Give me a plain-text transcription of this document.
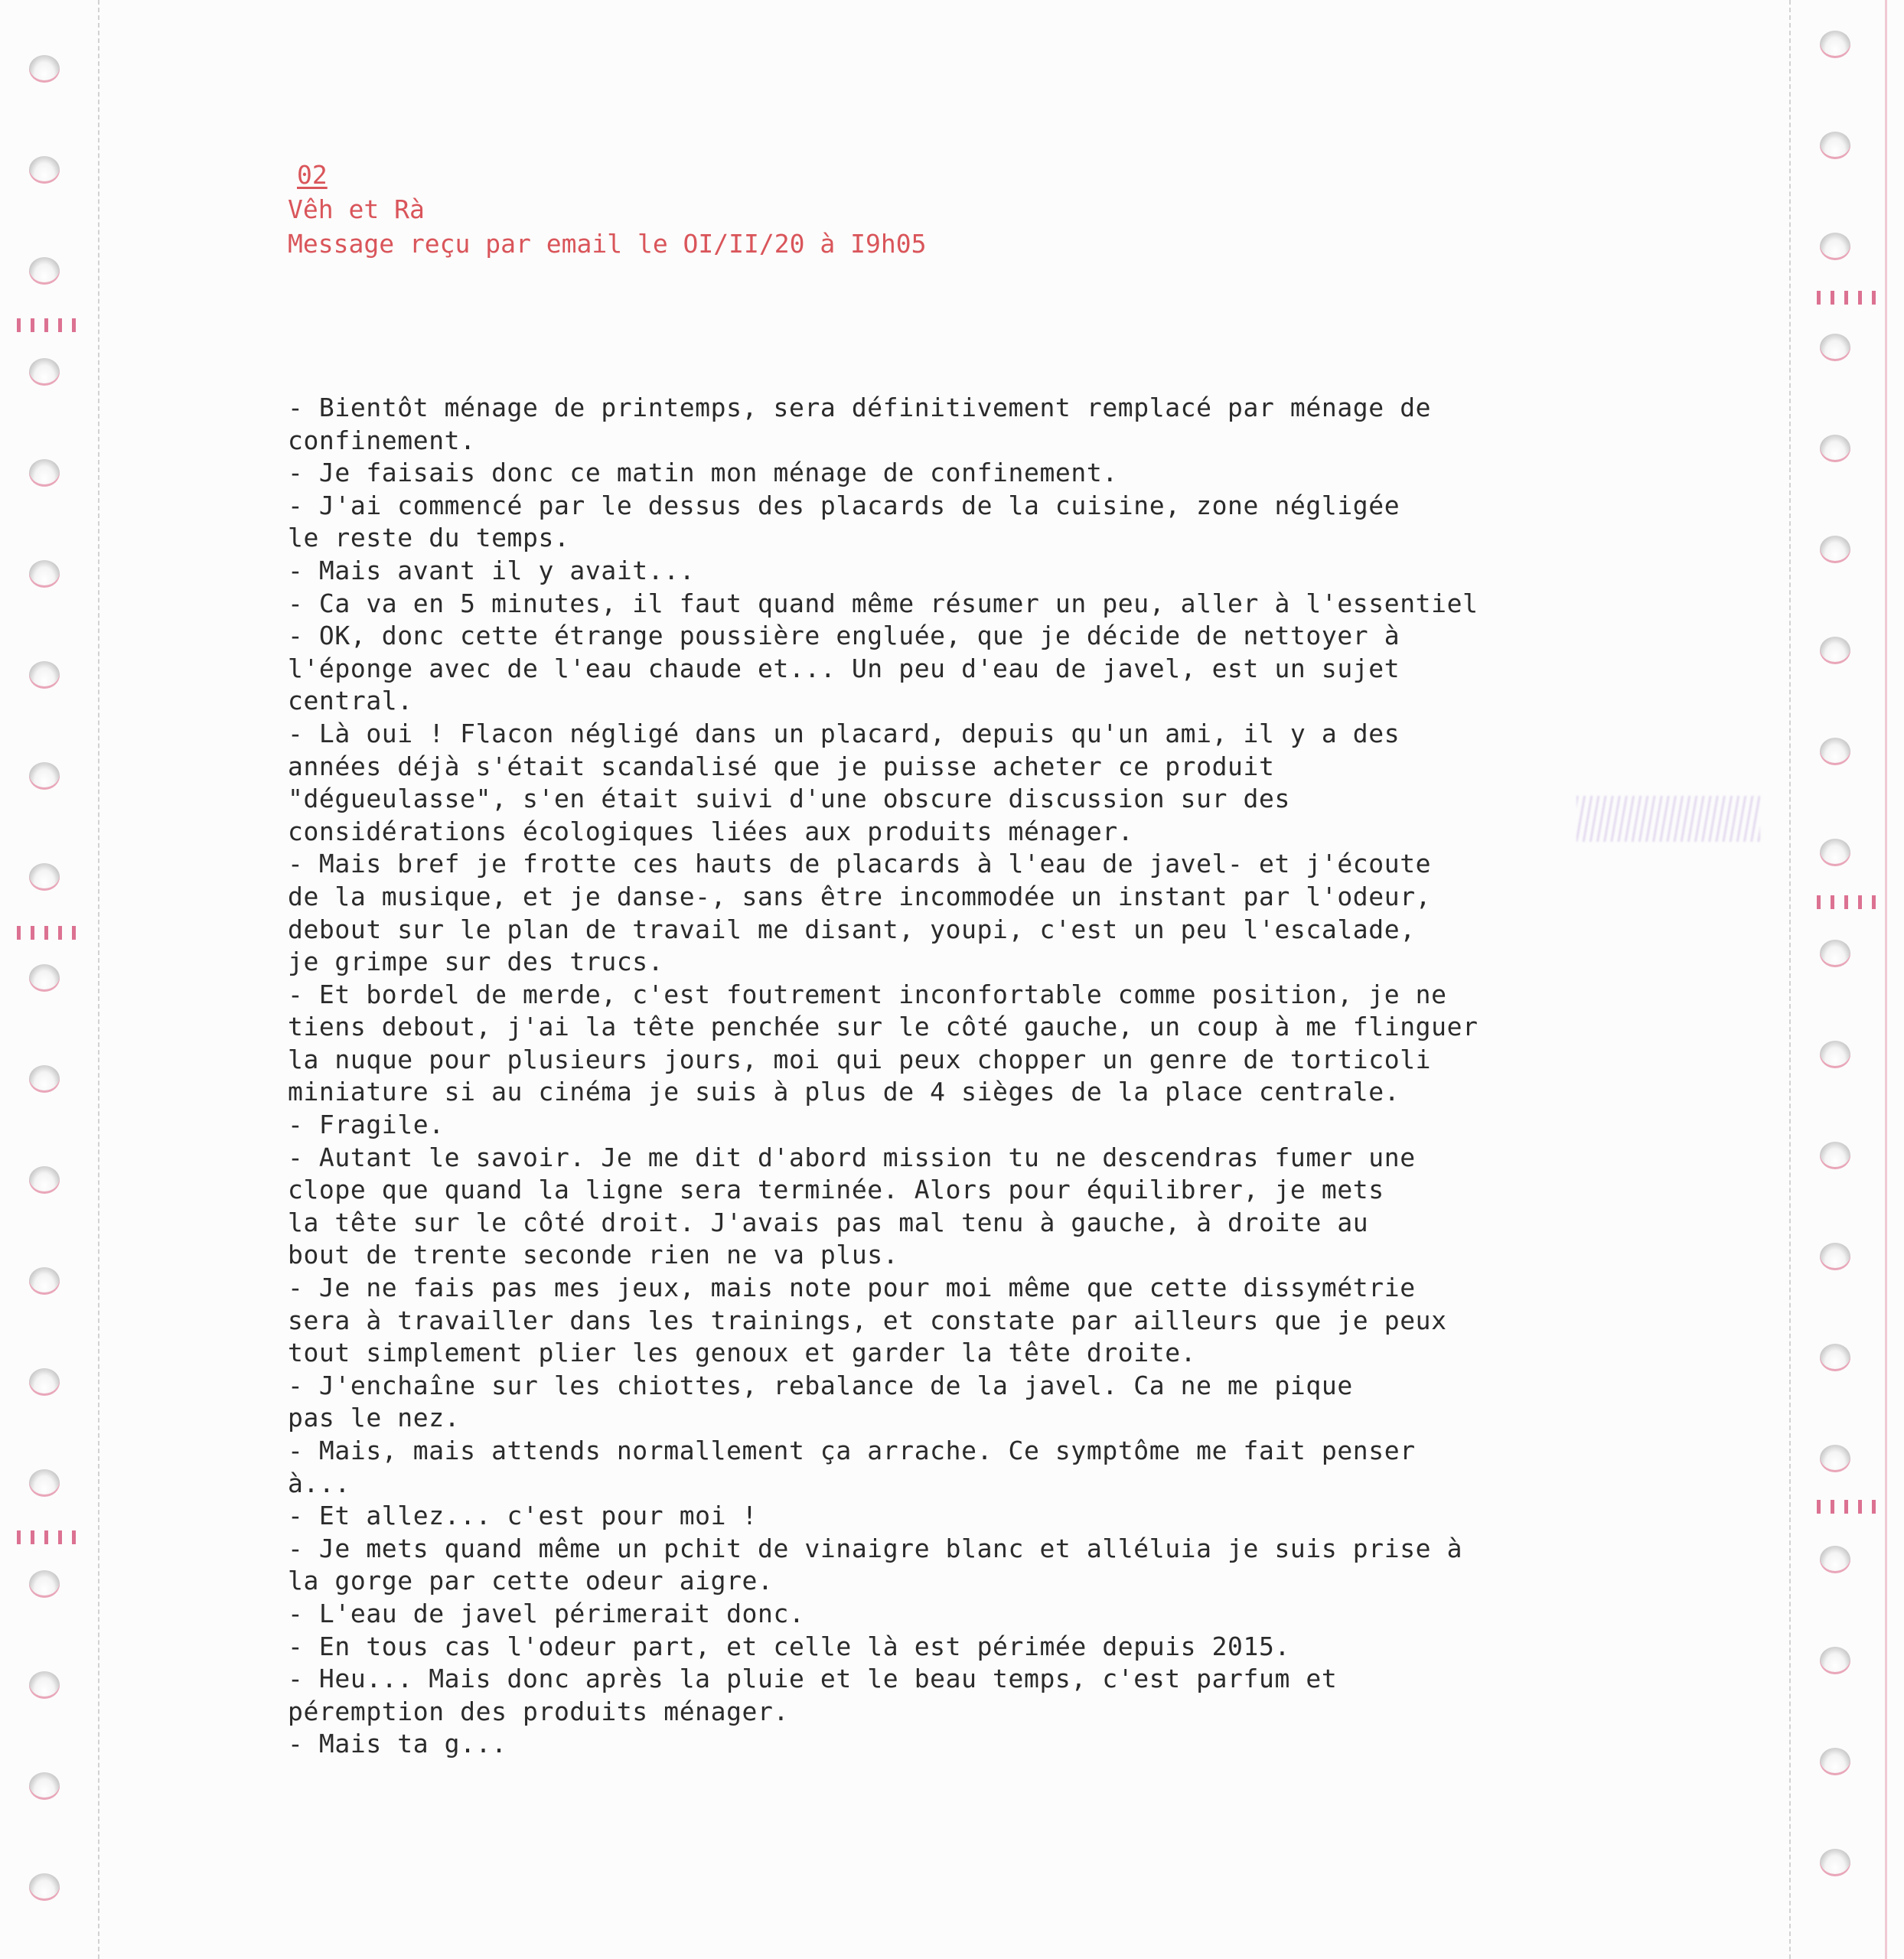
02
Vêh et Rà
Message reçu par email le OI/II/20 à I9h05
- Bientôt ménage de printemps, sera définitivement remplacé par ménage de
confinement.
- Je faisais donc ce matin mon ménage de confinement.
- J'ai commencé par le dessus des placards de la cuisine, zone négligée
le reste du temps.
- Mais avant il y avait...
- Ca va en 5 minutes, il faut quand même résumer un peu, aller à l'essentiel
- OK, donc cette étrange poussière engluée, que je décide de nettoyer à
l'éponge avec de l'eau chaude et... Un peu d'eau de javel, est un sujet
central.
- Là oui ! Flacon négligé dans un placard, depuis qu'un ami, il y a des
années déjà s'était scandalisé que je puisse acheter ce produit
"dégueulasse", s'en était suivi d'une obscure discussion sur des
considérations écologiques liées aux produits ménager.
- Mais bref je frotte ces hauts de placards à l'eau de javel- et j'écoute
de la musique, et je danse-, sans être incommodée un instant par l'odeur,
debout sur le plan de travail me disant, youpi, c'est un peu l'escalade,
je grimpe sur des trucs.
- Et bordel de merde, c'est foutrement inconfortable comme position, je ne
tiens debout, j'ai la tête penchée sur le côté gauche, un coup à me flinguer
la nuque pour plusieurs jours, moi qui peux chopper un genre de torticoli
miniature si au cinéma je suis à plus de 4 sièges de la place centrale.
- Fragile.
- Autant le savoir. Je me dit d'abord mission tu ne descendras fumer une
clope que quand la ligne sera terminée. Alors pour équilibrer, je mets
la tête sur le côté droit. J'avais pas mal tenu à gauche, à droite au
bout de trente seconde rien ne va plus.
- Je ne fais pas mes jeux, mais note pour moi même que cette dissymétrie
sera à travailler dans les trainings, et constate par ailleurs que je peux
tout simplement plier les genoux et garder la tête droite.
- J'enchaîne sur les chiottes, rebalance de la javel. Ca ne me pique
pas le nez.
- Mais, mais attends normallement ça arrache. Ce symptôme me fait penser
à...
- Et allez... c'est pour moi !
- Je mets quand même un pchit de vinaigre blanc et alléluia je suis prise à
la gorge par cette odeur aigre.
- L'eau de javel périmerait donc.
- En tous cas l'odeur part, et celle là est périmée depuis 2015.
- Heu... Mais donc après la pluie et le beau temps, c'est parfum et
péremption des produits ménager.
- Mais ta g...
